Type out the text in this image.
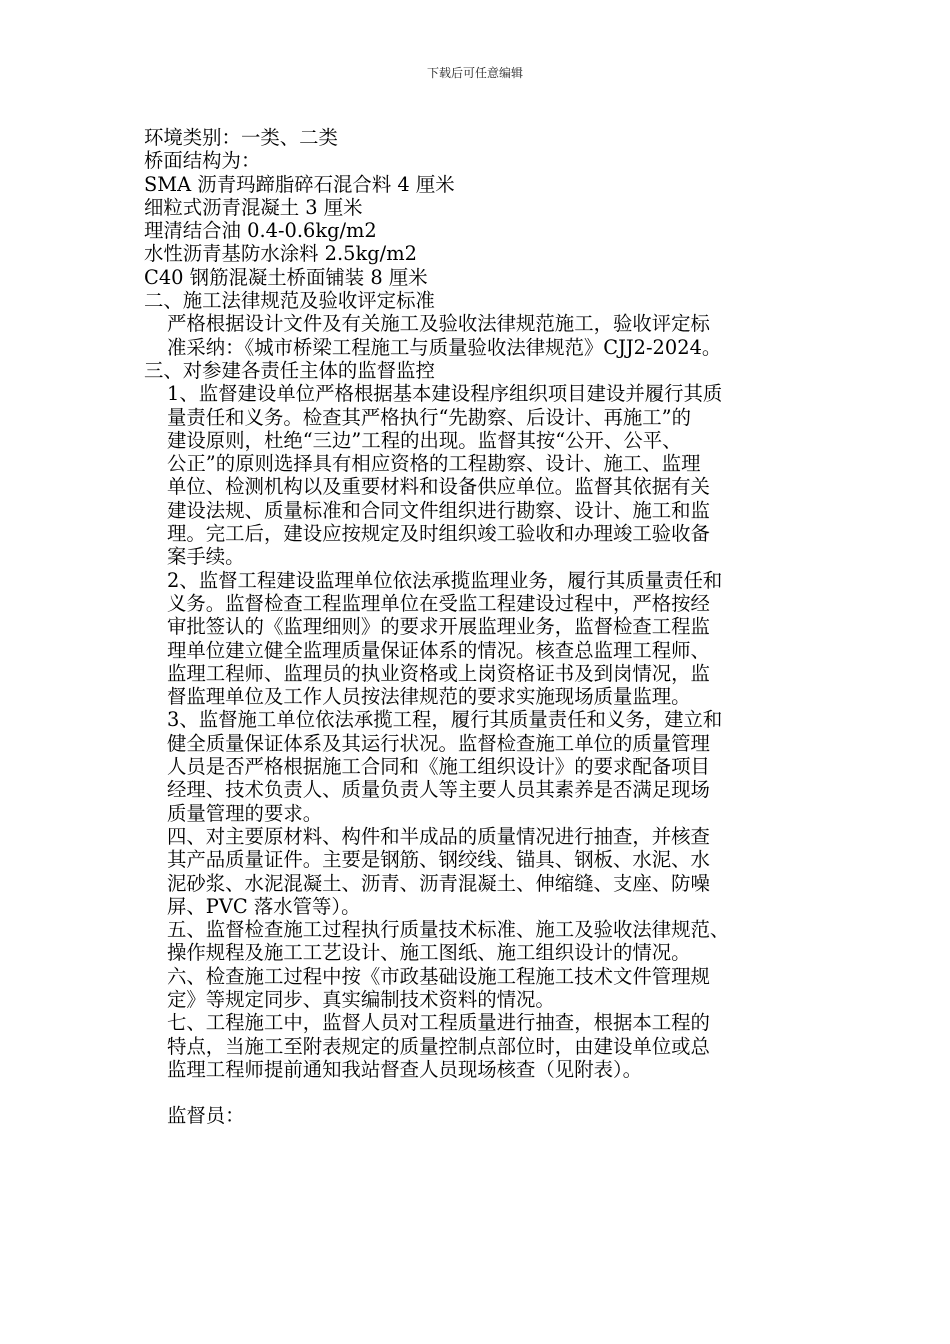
下载后可任意编辑
环境类别：一类、二类
桥面结构为：
SMA 沥青玛蹄脂碎石混合料 4 厘米
细粒式沥青混凝土 3 厘米
理清结合油 0.4-0.6kg/m2
水性沥青基防水涂料 2.5kg/m2
C40 钢筋混凝土桥面铺装 8 厘米
二、施工法律规范及验收评定标准
严格根据设计文件及有关施工及验收法律规范施工，验收评定标
准采纳：《城市桥梁工程施工与质量验收法律规范》CJJ2-2024。
三、对参建各责任主体的监督监控
1、监督建设单位严格根据基本建设程序组织项目建设并履行其质
量责任和义务。检查其严格执行“先勘察、后设计、再施工”的
建设原则，杜绝“三边”工程的出现。监督其按“公开、公平、
公正”的原则选择具有相应资格的工程勘察、设计、施工、监理
单位、检测机构以及重要材料和设备供应单位。监督其依据有关
建设法规、质量标准和合同文件组织进行勘察、设计、施工和监
理。完工后，建设应按规定及时组织竣工验收和办理竣工验收备
案手续。
2、监督工程建设监理单位依法承揽监理业务，履行其质量责任和
义务。监督检查工程监理单位在受监工程建设过程中，严格按经
审批签认的《监理细则》的要求开展监理业务，监督检查工程监
理单位建立健全监理质量保证体系的情况。核查总监理工程师、
监理工程师、监理员的执业资格或上岗资格证书及到岗情况，监
督监理单位及工作人员按法律规范的要求实施现场质量监理。
3、监督施工单位依法承揽工程，履行其质量责任和义务，建立和
健全质量保证体系及其运行状况。监督检查施工单位的质量管理
人员是否严格根据施工合同和《施工组织设计》的要求配备项目
经理、技术负责人、质量负责人等主要人员其素养是否满足现场
质量管理的要求。
四、对主要原材料、构件和半成品的质量情况进行抽查，并核查
其产品质量证件。主要是钢筋、钢绞线、锚具、钢板、水泥、水
泥砂浆、水泥混凝土、沥青、沥青混凝土、伸缩缝、支座、防噪
屏、PVC 落水管等）。
五、监督检查施工过程执行质量技术标准、施工及验收法律规范、
操作规程及施工工艺设计、施工图纸、施工组织设计的情况。
六、检查施工过程中按《市政基础设施工程施工技术文件管理规
定》等规定同步、真实编制技术资料的情况。
七、工程施工中，监督人员对工程质量进行抽查，根据本工程的
特点，当施工至附表规定的质量控制点部位时，由建设单位或总
监理工程师提前通知我站督查人员现场核查（见附表）。
监督员：
